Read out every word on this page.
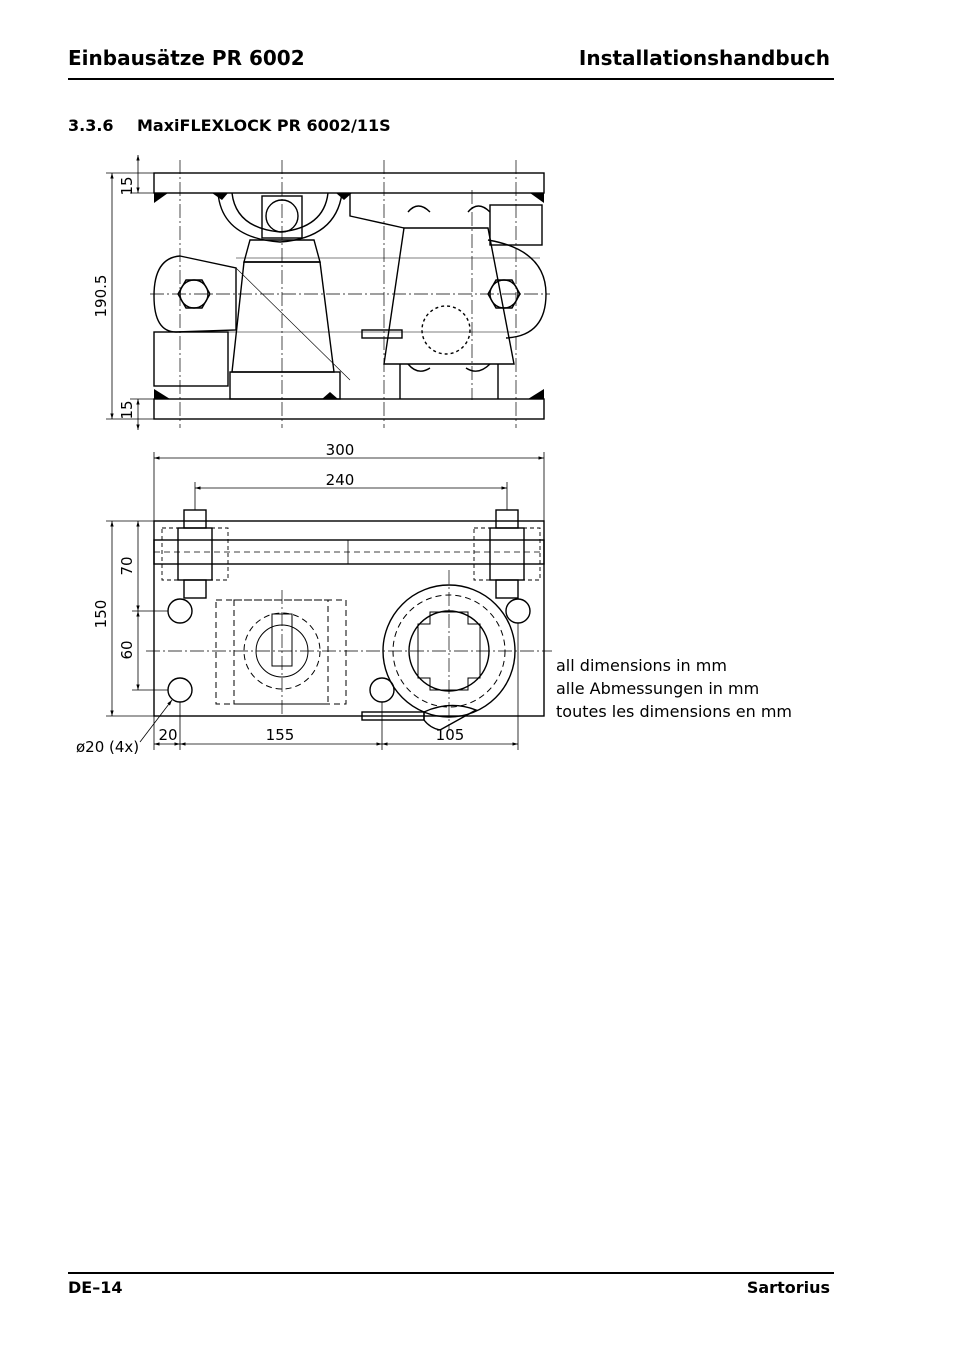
Einbausätze PR 6002	Installationshandbuch
3.3.6 MaxiFLEXLOCK PR 6002/11S
15
190.5
15
300
240
150
70
60
20	155	105
ø20 (4x)
all dimensions in mm
alle Abmessungen in mm
toutes les dimensions en mm
DE–14	Sartorius
